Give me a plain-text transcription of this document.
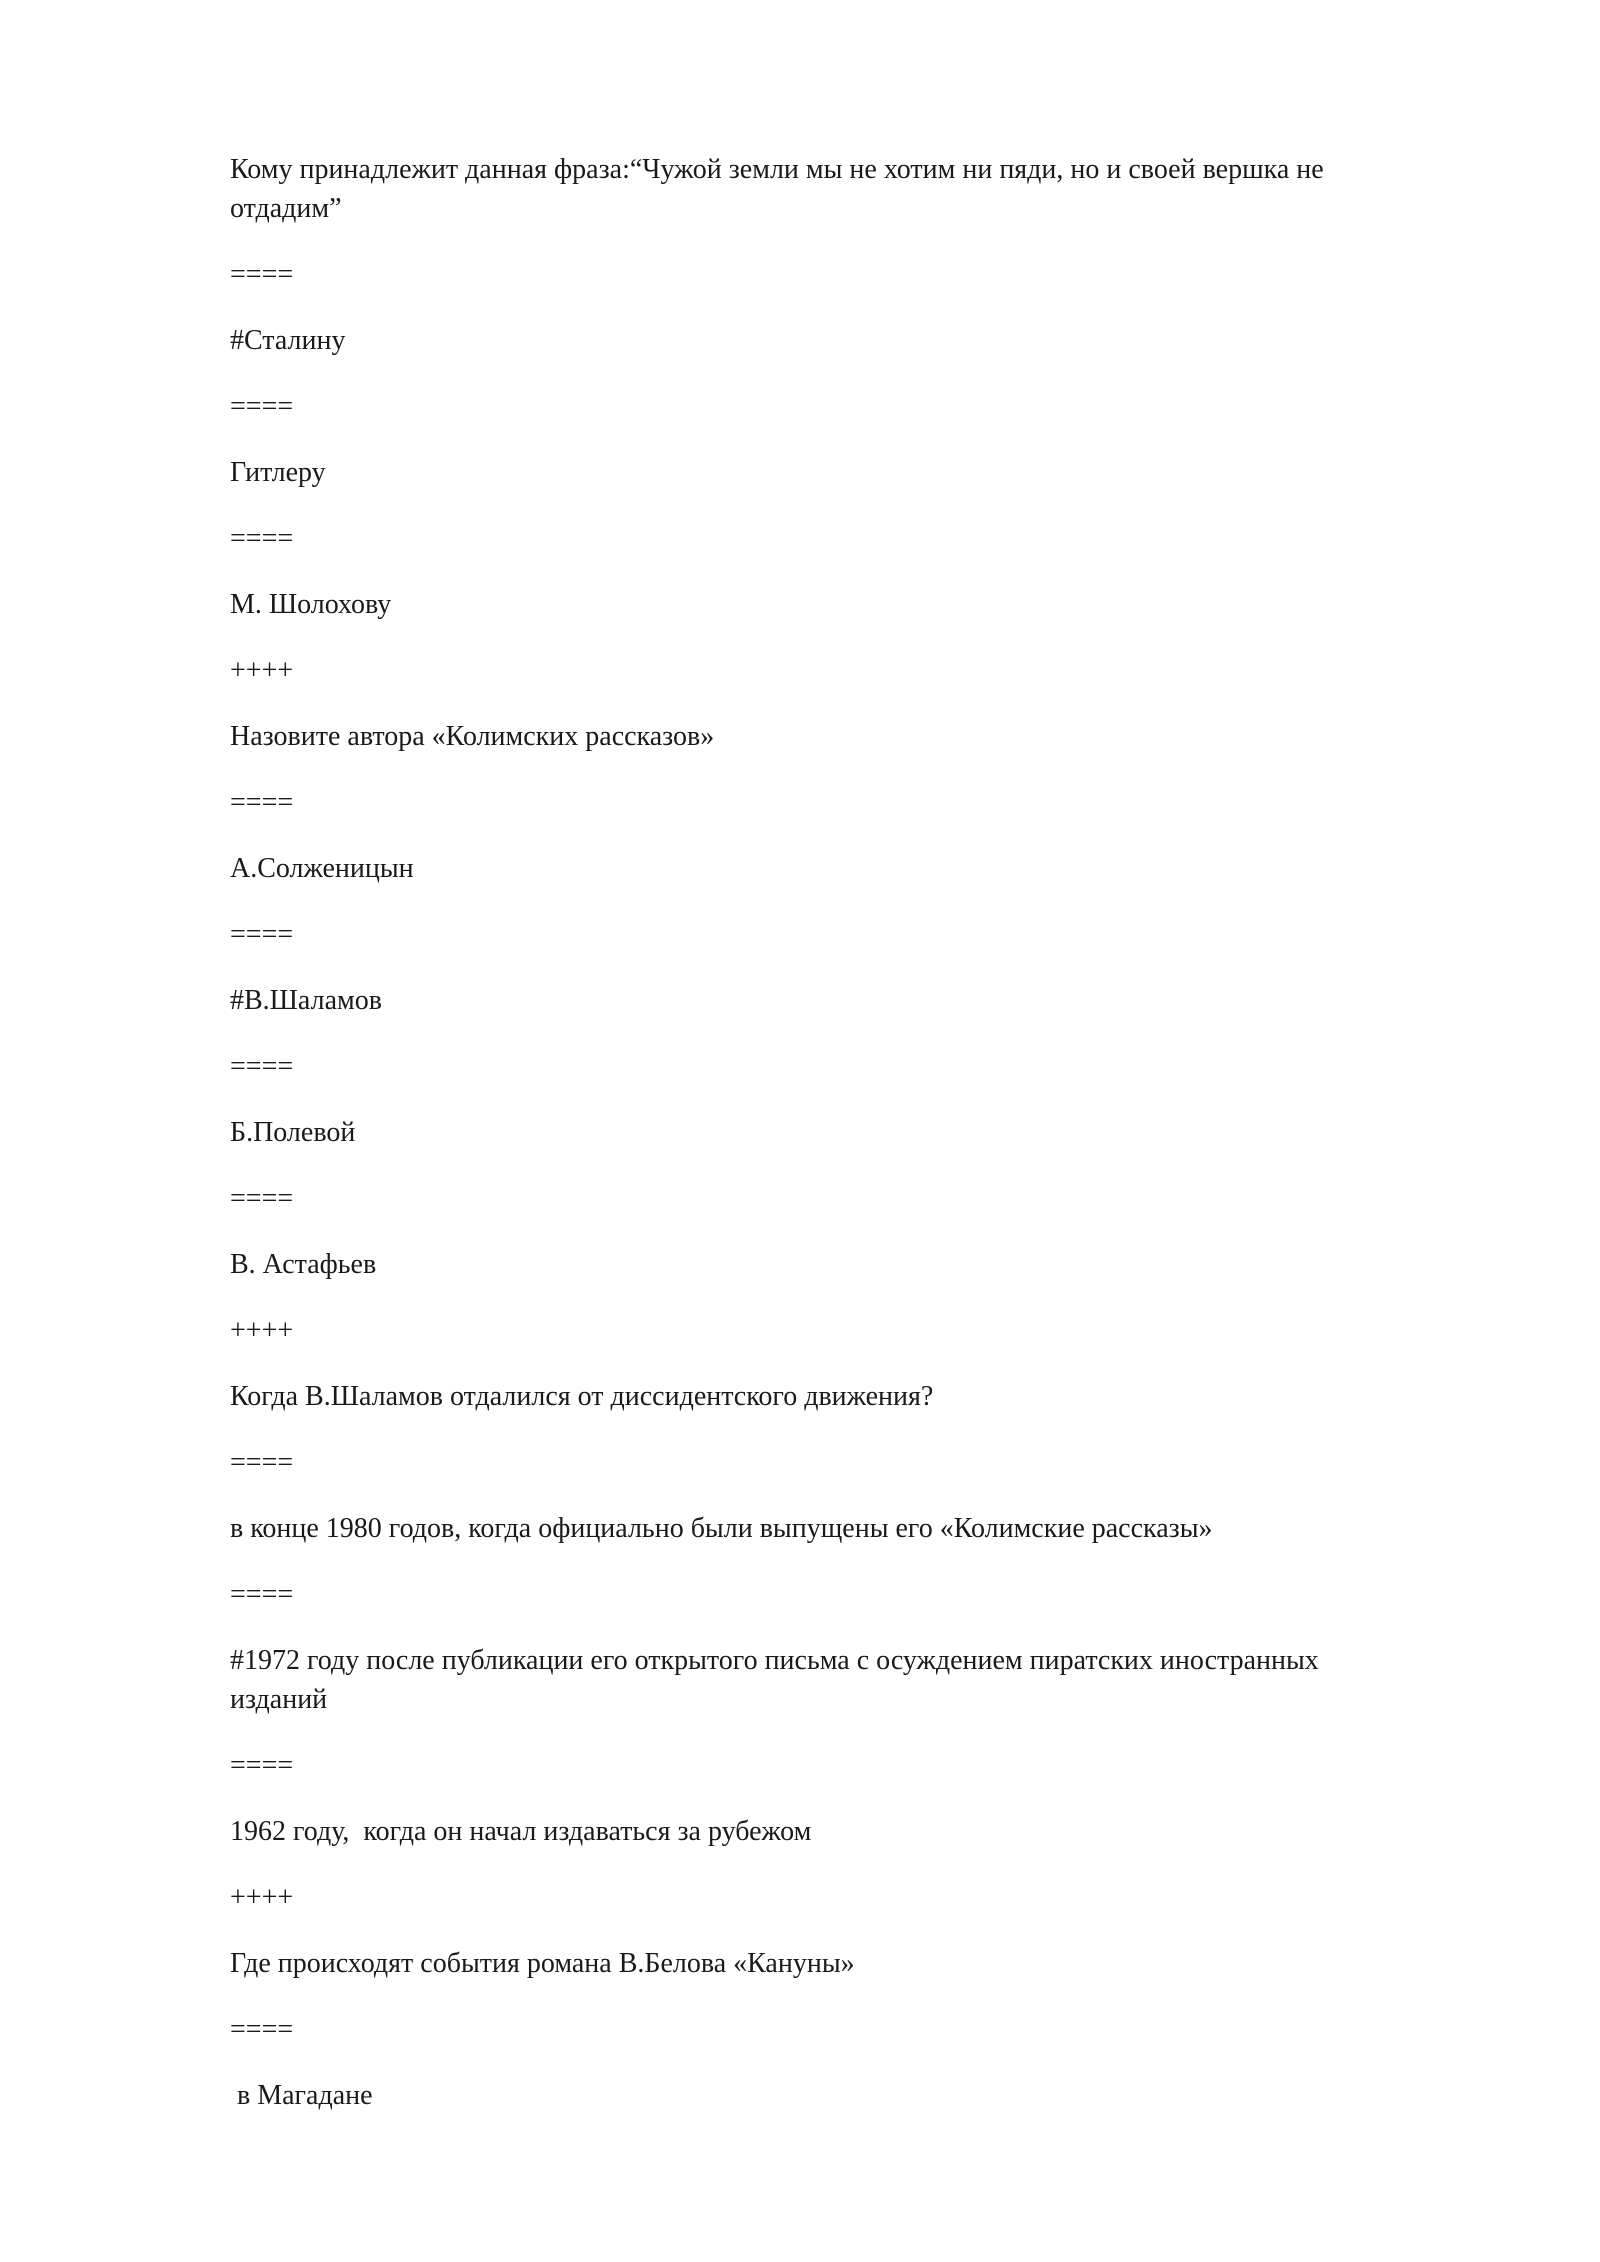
Кому принадлежит данная фраза:“Чужой земли мы не хотим ни пяди, но и своей вершка не отдадим”

====

#Сталину

====

Гитлеру

====

М. Шолохову

++++

Назовите автора «Колимских рассказов»

====

А.Солженицын

====

#В.Шаламов

====

Б.Полевой

====

В. Астафьев

++++

Когда В.Шаламов отдалился от диссидентского движения?

====

в конце 1980 годов, когда официально были выпущены его «Колимские рассказы»

====

#1972 году после публикации его открытого письма с осуждением пиратских иностранных изданий

====

1962 году,  когда он начал издаваться за рубежом

++++

Где происходят события романа В.Белова «Кануны»

====

в Магадане
